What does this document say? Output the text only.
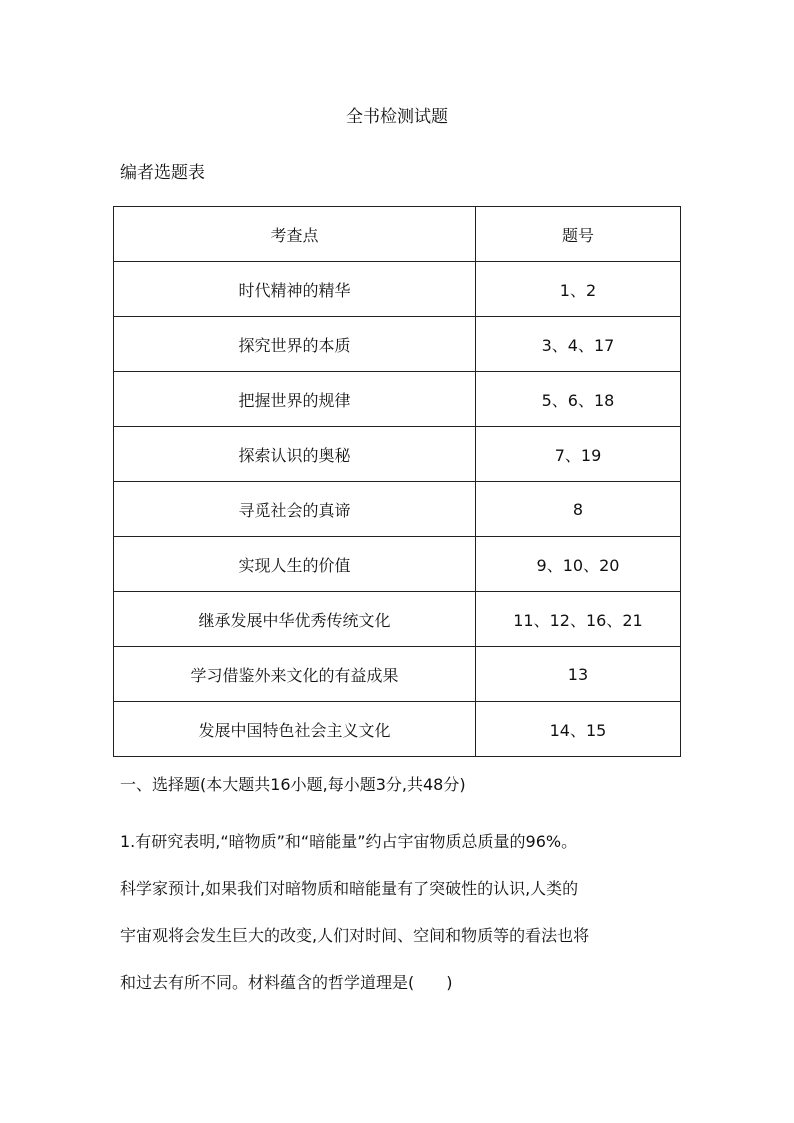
全书检测试题
编者选题表
考查点	题号
时代精神的精华	1、2
探究世界的本质	3、4、17
把握世界的规律	5、6、18
探索认识的奥秘	7、19
寻觅社会的真谛	8
实现人生的价值	9、10、20
继承发展中华优秀传统文化	11、12、16、21
学习借鉴外来文化的有益成果	13
发展中国特色社会主义文化	14、15
一、选择题(本大题共16小题,每小题3分,共48分)
1.有研究表明,“暗物质”和“暗能量”约占宇宙物质总质量的96%。
科学家预计,如果我们对暗物质和暗能量有了突破性的认识,人类的
宇宙观将会发生巨大的改变,人们对时间、空间和物质等的看法也将
和过去有所不同。材料蕴含的哲学道理是(　　)
